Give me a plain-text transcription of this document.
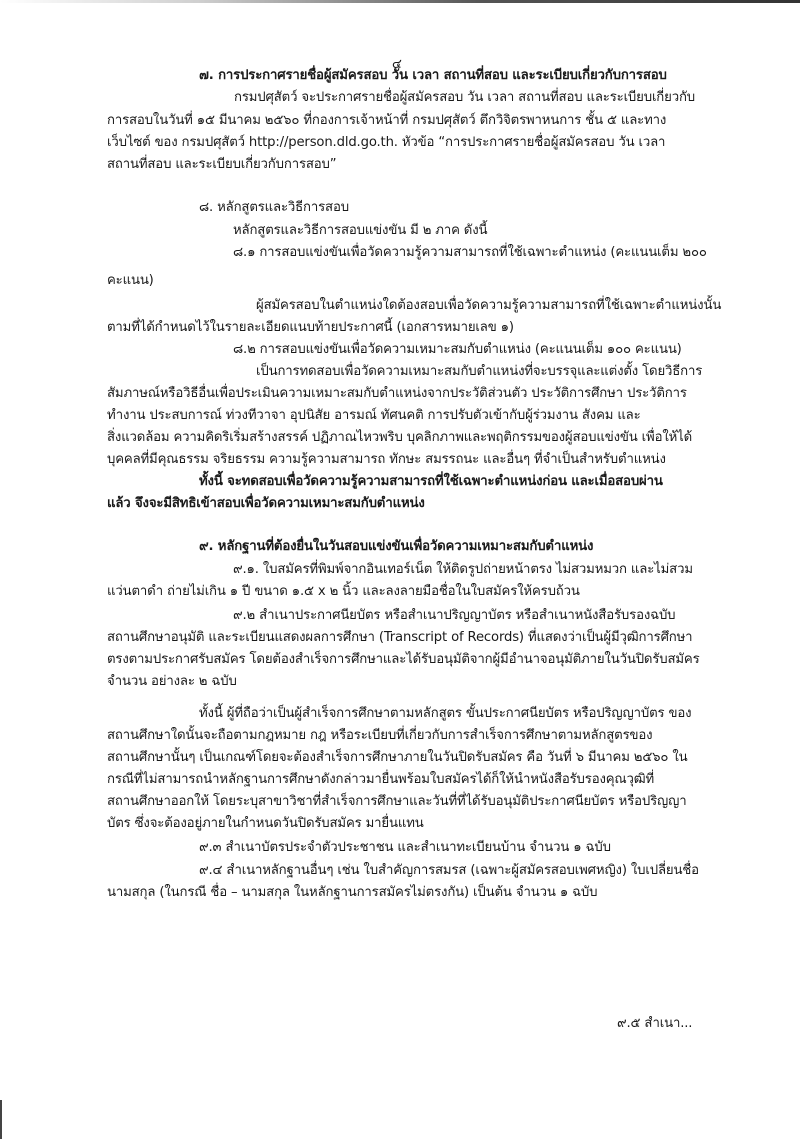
๔
๗. การประกาศรายชื่อผู้สมัครสอบ วัน เวลา สถานที่สอบ และระเบียบเกี่ยวกับการสอบ
กรมปศุสัตว์ จะประกาศรายชื่อผู้สมัครสอบ วัน เวลา สถานที่สอบ และระเบียบเกี่ยวกับ
การสอบในวันที่ ๑๕ มีนาคม ๒๕๖๐ ที่กองการเจ้าหน้าที่ กรมปศุสัตว์ ตึกวิจิตรพาหนการ ชั้น ๕ และทาง
เว็บไซต์ ของ กรมปศุสัตว์ http://person.dld.go.th. หัวข้อ “การประกาศรายชื่อผู้สมัครสอบ วัน เวลา
สถานที่สอบ และระเบียบเกี่ยวกับการสอบ”
๘. หลักสูตรและวิธีการสอบ
หลักสูตรและวิธีการสอบแข่งขัน มี ๒ ภาค ดังนี้
๘.๑ การสอบแข่งขันเพื่อวัดความรู้ความสามารถที่ใช้เฉพาะตำแหน่ง (คะแนนเต็ม ๒๐๐
คะแนน)
ผู้สมัครสอบในตำแหน่งใดต้องสอบเพื่อวัดความรู้ความสามารถที่ใช้เฉพาะตำแหน่งนั้น
ตามที่ได้กำหนดไว้ในรายละเอียดแนบท้ายประกาศนี้ (เอกสารหมายเลข ๑)
๘.๒ การสอบแข่งขันเพื่อวัดความเหมาะสมกับตำแหน่ง (คะแนนเต็ม ๑๐๐ คะแนน)
เป็นการทดสอบเพื่อวัดความเหมาะสมกับตำแหน่งที่จะบรรจุและแต่งตั้ง โดยวิธีการ
สัมภาษณ์หรือวิธีอื่นเพื่อประเมินความเหมาะสมกับตำแหน่งจากประวัติส่วนตัว ประวัติการศึกษา ประวัติการ
ทำงาน ประสบการณ์ ท่วงทีวาจา อุปนิสัย อารมณ์ ทัศนคติ การปรับตัวเข้ากับผู้ร่วมงาน สังคม และ
สิ่งแวดล้อม ความคิดริเริ่มสร้างสรรค์ ปฏิภาณไหวพริบ บุคลิกภาพและพฤติกรรมของผู้สอบแข่งขัน เพื่อให้ได้
บุคคลที่มีคุณธรรม จริยธรรม ความรู้ความสามารถ ทักษะ สมรรถนะ และอื่นๆ ที่จำเป็นสำหรับตำแหน่ง
ทั้งนี้ จะทดสอบเพื่อวัดความรู้ความสามารถที่ใช้เฉพาะตำแหน่งก่อน และเมื่อสอบผ่าน
แล้ว จึงจะมีสิทธิเข้าสอบเพื่อวัดความเหมาะสมกับตำแหน่ง
๙. หลักฐานที่ต้องยื่นในวันสอบแข่งขันเพื่อวัดความเหมาะสมกับตำแหน่ง
๙.๑. ใบสมัครที่พิมพ์จากอินเทอร์เน็ต ให้ติดรูปถ่ายหน้าตรง ไม่สวมหมวก และไม่สวม
แว่นตาดำ ถ่ายไม่เกิน ๑ ปี ขนาด ๑.๕ x ๒ นิ้ว และลงลายมือชื่อในใบสมัครให้ครบถ้วน
๙.๒ สำเนาประกาศนียบัตร หรือสำเนาปริญญาบัตร หรือสำเนาหนังสือรับรองฉบับ
สถานศึกษาอนุมัติ และระเบียนแสดงผลการศึกษา (Transcript of Records) ที่แสดงว่าเป็นผู้มีวุฒิการศึกษา
ตรงตามประกาศรับสมัคร โดยต้องสำเร็จการศึกษาและได้รับอนุมัติจากผู้มีอำนาจอนุมัติภายในวันปิดรับสมัคร
จำนวน อย่างละ ๒ ฉบับ
ทั้งนี้ ผู้ที่ถือว่าเป็นผู้สำเร็จการศึกษาตามหลักสูตร ขั้นประกาศนียบัตร หรือปริญญาบัตร ของ
สถานศึกษาใดนั้นจะถือตามกฎหมาย กฎ หรือระเบียบที่เกี่ยวกับการสำเร็จการศึกษาตามหลักสูตรของ
สถานศึกษานั้นๆ เป็นเกณฑ์โดยจะต้องสำเร็จการศึกษาภายในวันปิดรับสมัคร คือ วันที่ ๖ มีนาคม ๒๕๖๐ ใน
กรณีที่ไม่สามารถนำหลักฐานการศึกษาดังกล่าวมายื่นพร้อมใบสมัครได้ก็ให้นำหนังสือรับรองคุณวุฒิที่
สถานศึกษาออกให้ โดยระบุสาขาวิชาที่สำเร็จการศึกษาและวันที่ที่ได้รับอนุมัติประกาศนียบัตร หรือปริญญา
บัตร ซึ่งจะต้องอยู่ภายในกำหนดวันปิดรับสมัคร มายื่นแทน
๙.๓ สำเนาบัตรประจำตัวประชาชน และสำเนาทะเบียนบ้าน จำนวน ๑ ฉบับ
๙.๔ สำเนาหลักฐานอื่นๆ เช่น ใบสำคัญการสมรส (เฉพาะผู้สมัครสอบเพศหญิง) ใบเปลี่ยนชื่อ
นามสกุล (ในกรณี ชื่อ – นามสกุล ในหลักฐานการสมัครไม่ตรงกัน) เป็นต้น จำนวน ๑ ฉบับ
๙.๕ สำเนา...
